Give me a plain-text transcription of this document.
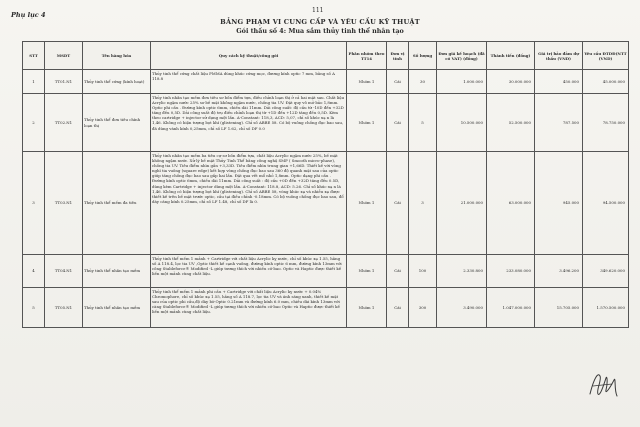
Phụ lục 4
111
BẢNG PHẠM VI CUNG CẤP VÀ YÊU CẦU KỸ THUẬT
Gói thầu số 4: Mua sắm thủy tinh thể nhân tạo
STT	MSDT	Tên hàng hóa	Quy cách kỹ thuật/công gói	Phân nhóm theo TT14	Đơn vị tính	Số lượng	Đơn giá kế hoạch (đã có VAT) (đồng)	Thành tiền (đồng)	Giá trị bảo đảm dự thầu (VND)	Yêu cầu ĐTDĐ(NTT (VND)
1	TT01.N1	Thủy tinh thể cứng (kính hoạt)	Thủy tinh thể cứng chất liệu PMMA dùng khúc cứng mọc, đương kính optic 7 mm, bằng số A 118.8	Nhóm 1	Cái	30	1.000.000	30.000.000	450.000	45.000.000
2	TT02.N1	Thủy tinh thể đơn tiêu chính loạn thị	Thủy tinh nhân tạo mềm đơn tiêu sơ bốn điểm tựa, điều chỉnh loạn thị ở cả hai mặt sau. Chất liệu Acrylic ngậm nước 25% sơ bề mặt không ngậm nước, chống tia UV. Đặt quy vô mở bảo 1,8mm. Optic phi cầu . Đường kính optic 6mm, chiều dài 11mm. Dải công suất: độ cầu từ -10D đến +32D tăng đều 0,5D. Dải công suất độ trụ điều chỉnh loạn thị từ +1D đến +12D tăng đều 0,5D. Kèm theo cartridge + injector sử dụng một lần. A-Constant: 118,3, ACD: 5,07, chỉ số khúc xạ n là 1,46. Không có hiện tượng bọt khí (glistening). Chỉ số ABBE 58. Có bộ vuông chống đục bao sau, đã dùng vành kính 0,25mm, chỉ số LF 1.62, chỉ số DF 0.0	Nhóm 1	Cái	5	10.500.000	52.500.000	787.500	78.750.000
3	TT03.N1	Thủy tinh thể mềm đa tiêu	Thủy tinh nhân tạo mềm ba tiêu cự sơ bốn điểm tựa, chất liệu Acrylic ngậm nước 25%, bề mặt không ngậm nước. Xử lý bề mặt Thủy Tinh Thể bằng công nghệ SMP ( Smooth micro-phase), chống tia UV. Tiêu điểm nhìn gần +3,33D. Tiêu điểm nhìn trung gian +1,66D. Thiết kế với vòng nghĩ tia vuông (square edge) kết hợp vòng chống đục bao sau 360 độ quanh mặt sau của optic giúp tăng chống đục bao sau gấp hai lần. Đặt qua vết mổ nhỏ 1,8mm. Optic dạng phi cầu . Đường kính optic 6mm, chiều dài 11mm. Dải công suất : độ cầu +0D đến +32D tăng đều 0.5D, dùng kèm Cartridge + injector dùng một lần. A-Constant: 118.8, ACD: 5.26. Chỉ số khúc xạ n là 1,46. Không có hiện tượng bọt khí (glistening). Chỉ số ABBE 58, vòng khúc xạ và nhiễu xạ được thiết kế trên bề mặt trước optic, cầu tại điều chỉnh -0.18mm. Có bộ vuông chống đục bao sau, đổ dày căng kính 0.25mm, chỉ số LF 1.48, chỉ số DF là 0.	Nhóm 1	Cái	3	21.000.000	63.000.000	945.000	94.500.000
4	TT04.N1	Thủy tinh thể nhân tạo mềm	Thủy tinh thể mềm 1 mảnh + Cartridge với chất liệu Acrylic kỵ nước, chỉ số khúc xạ 1.55, hằng số A 118.4, lọc tia UV ,Optic thiết kế cạnh vuông, đường kính optic 6 mm, đường kính 13mm với công Stableforce® Modified -L giúp tương thích với nhiều cỡ bao. Optic và Haptic được thiết kế liền một mảnh cùng chất liệu.	Nhóm 1	Cái	100	2.330.800	233.080.000	3.496.200	349.620.000
5	TT05.N1	Thủy tinh thể nhân tạo mềm	Thủy tinh thể mềm 1 mảnh phi cầu + Cartridge với chất liệu Acrylic kỵ nước + 0.04% Chromophore, chỉ số khúc xạ 1.55, hằng số A 118.7, lọc tia UV và ánh sáng xanh, thiết kế mặt sau của optic phi cầu,độ dày bờ Optic 0.21mm và đường kính 6.0 mm, chiều dài kính 13mm với càng Stableforce® Modified -L giúp tương thích với nhiều cỡ bao Optic và Haptic được thiết kế liền một mảnh cùng chất liệu.	Nhóm 1	Cái	300	3.490.000	1.047.000.000	15.705.000	1.570.500.000
